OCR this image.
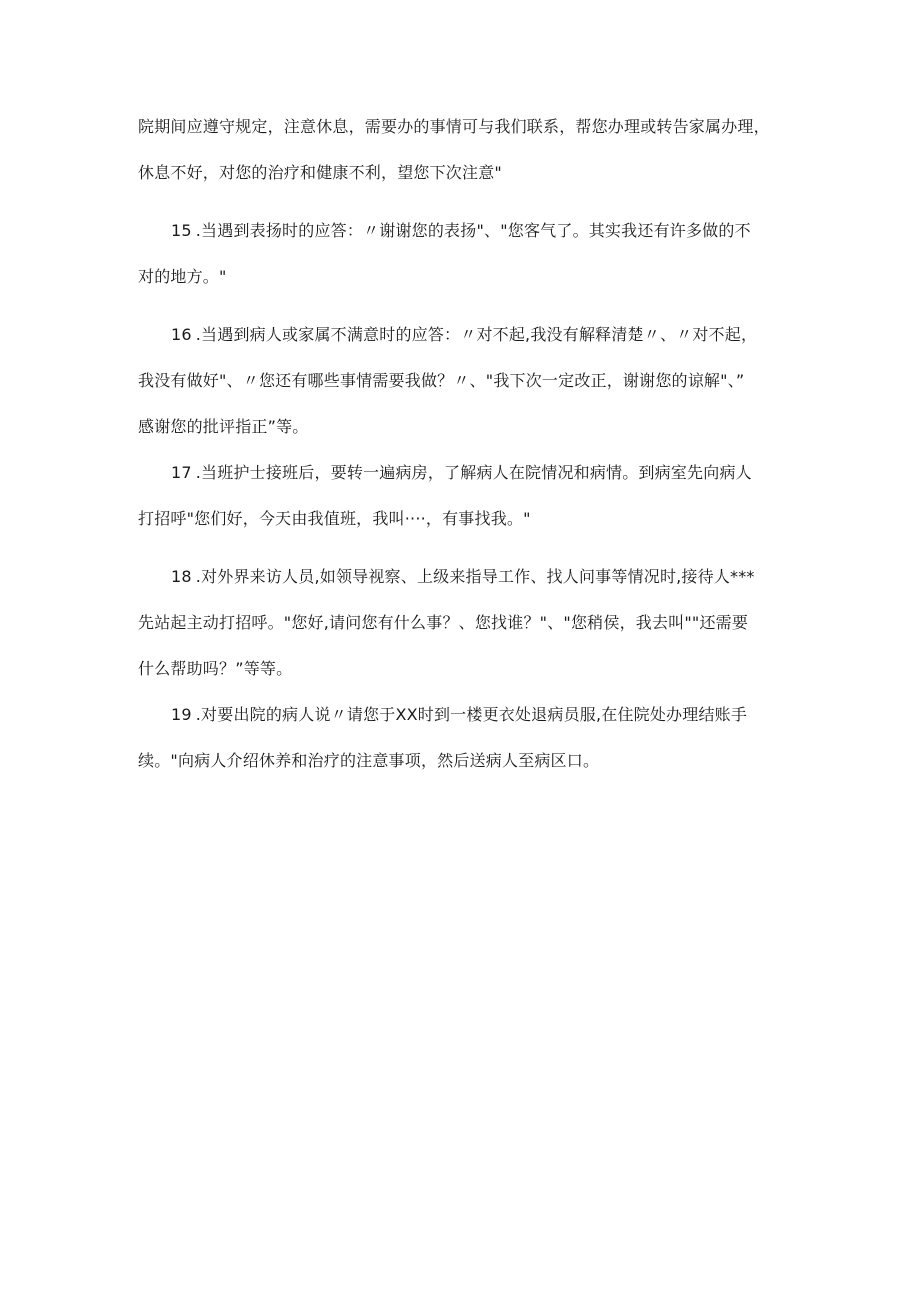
院期间应遵守规定，注意休息，需要办的事情可与我们联系，帮您办理或转告家属办理，
休息不好，对您的治疗和健康不利，望您下次注意"
15 .当遇到表扬时的应答：〃谢谢您的表扬"、"您客气了。其实我还有许多做的不
对的地方。"
16 .当遇到病人或家属不满意时的应答：〃对不起,我没有解释清楚〃、〃对不起，
我没有做好"、〃您还有哪些事情需要我做？〃、"我下次一定改正，谢谢您的谅解"、”
感谢您的批评指正”等。
17 .当班护士接班后，要转一遍病房，了解病人在院情况和病情。到病室先向病人
打招呼"您们好，今天由我值班，我叫····，有事找我。"
18 .对外界来访人员,如领导视察、上级来指导工作、找人问事等情况时,接待人***
先站起主动打招呼。"您好,请问您有什么事？、您找谁？"、"您稍侯，我去叫""还需要
什么帮助吗？”等等。
19 .对要出院的病人说〃请您于XX时到一楼更衣处退病员服,在住院处办理结账手
续。"向病人介绍休养和治疗的注意事项，然后送病人至病区口。
